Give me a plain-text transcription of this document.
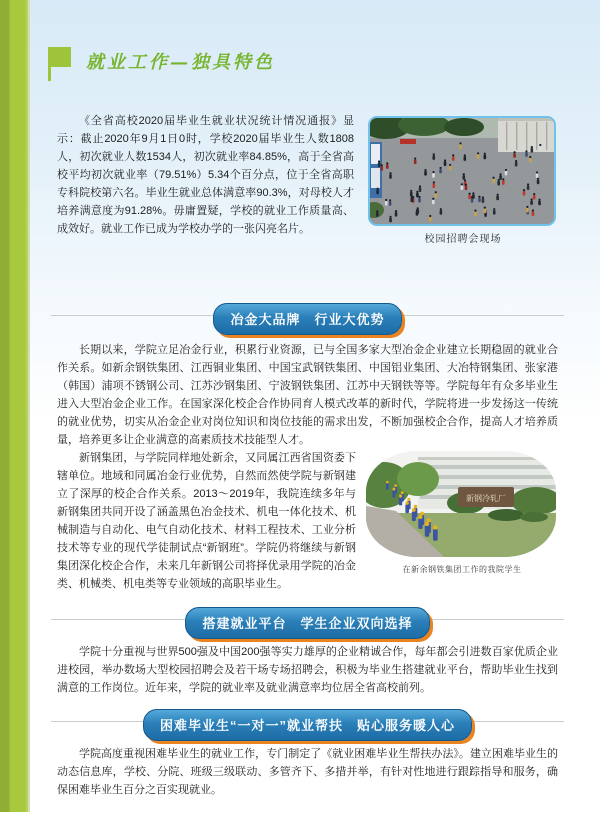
就业工作—独具特色
校园招聘会现场
《全省高校2020届毕业生就业状况统计情况通报》显示：截止2020年9月1日0时，学校2020届毕业生人数1808人，初次就业人数1534人，初次就业率84.85%，高于全省高校平均初次就业率（79.51%）5.34个百分点，位于全省高职专科院校第六名。毕业生就业总体满意率90.3%，对母校人才培养满意度为91.28%。毋庸置疑，学校的就业工作质量高、成效好。就业工作已成为学校办学的一张闪亮名片。
冶金大品牌　行业大优势
长期以来，学院立足冶金行业，积累行业资源，已与全国多家大型冶金企业建立长期稳固的就业合作关系。如新余钢铁集团、江西铜业集团、中国宝武钢铁集团、中国铝业集团、大冶特钢集团、张家港（韩国）浦项不锈钢公司、江苏沙钢集团、宁波钢铁集团、江苏中天钢铁等等。学院每年有众多毕业生进入大型冶金企业工作。在国家深化校企合作协同育人模式改革的新时代，学院将进一步发扬这一传统的就业优势，切实从冶金企业对岗位知识和岗位技能的需求出发，不断加强校企合作，提高人才培养质量，培养更多让企业满意的高素质技术技能型人才。
新钢冷轧厂
在新余钢铁集团工作的我院学生
新钢集团，与学院同样地处新余，又同属江西省国资委下辖单位。地域和同属冶金行业优势，自然而然使学院与新钢建立了深厚的校企合作关系。2013～2019年，我院连续多年与新钢集团共同开设了涵盖黑色冶金技术、机电一体化技术、机械制造与自动化、电气自动化技术、材料工程技术、工业分析技术等专业的现代学徒制试点“新钢班”。学院仍将继续与新钢集团深化校企合作，未来几年新钢公司将择优录用学院的冶金类、机械类、机电类等专业领域的高职毕业生。
搭建就业平台　学生企业双向选择
学院十分重视与世界500强及中国200强等实力雄厚的企业精诚合作，每年都会引进数百家优质企业进校园，举办数场大型校园招聘会及若干场专场招聘会，积极为毕业生搭建就业平台，帮助毕业生找到满意的工作岗位。近年来，学院的就业率及就业满意率均位居全省高校前列。
困难毕业生“一对一”就业帮扶　贴心服务暖人心
学院高度重视困难毕业生的就业工作，专门制定了《就业困难毕业生帮扶办法》。建立困难毕业生的动态信息库，学校、分院、班级三级联动、多管齐下、多措并举，有针对性地进行跟踪指导和服务，确保困难毕业生百分之百实现就业。
